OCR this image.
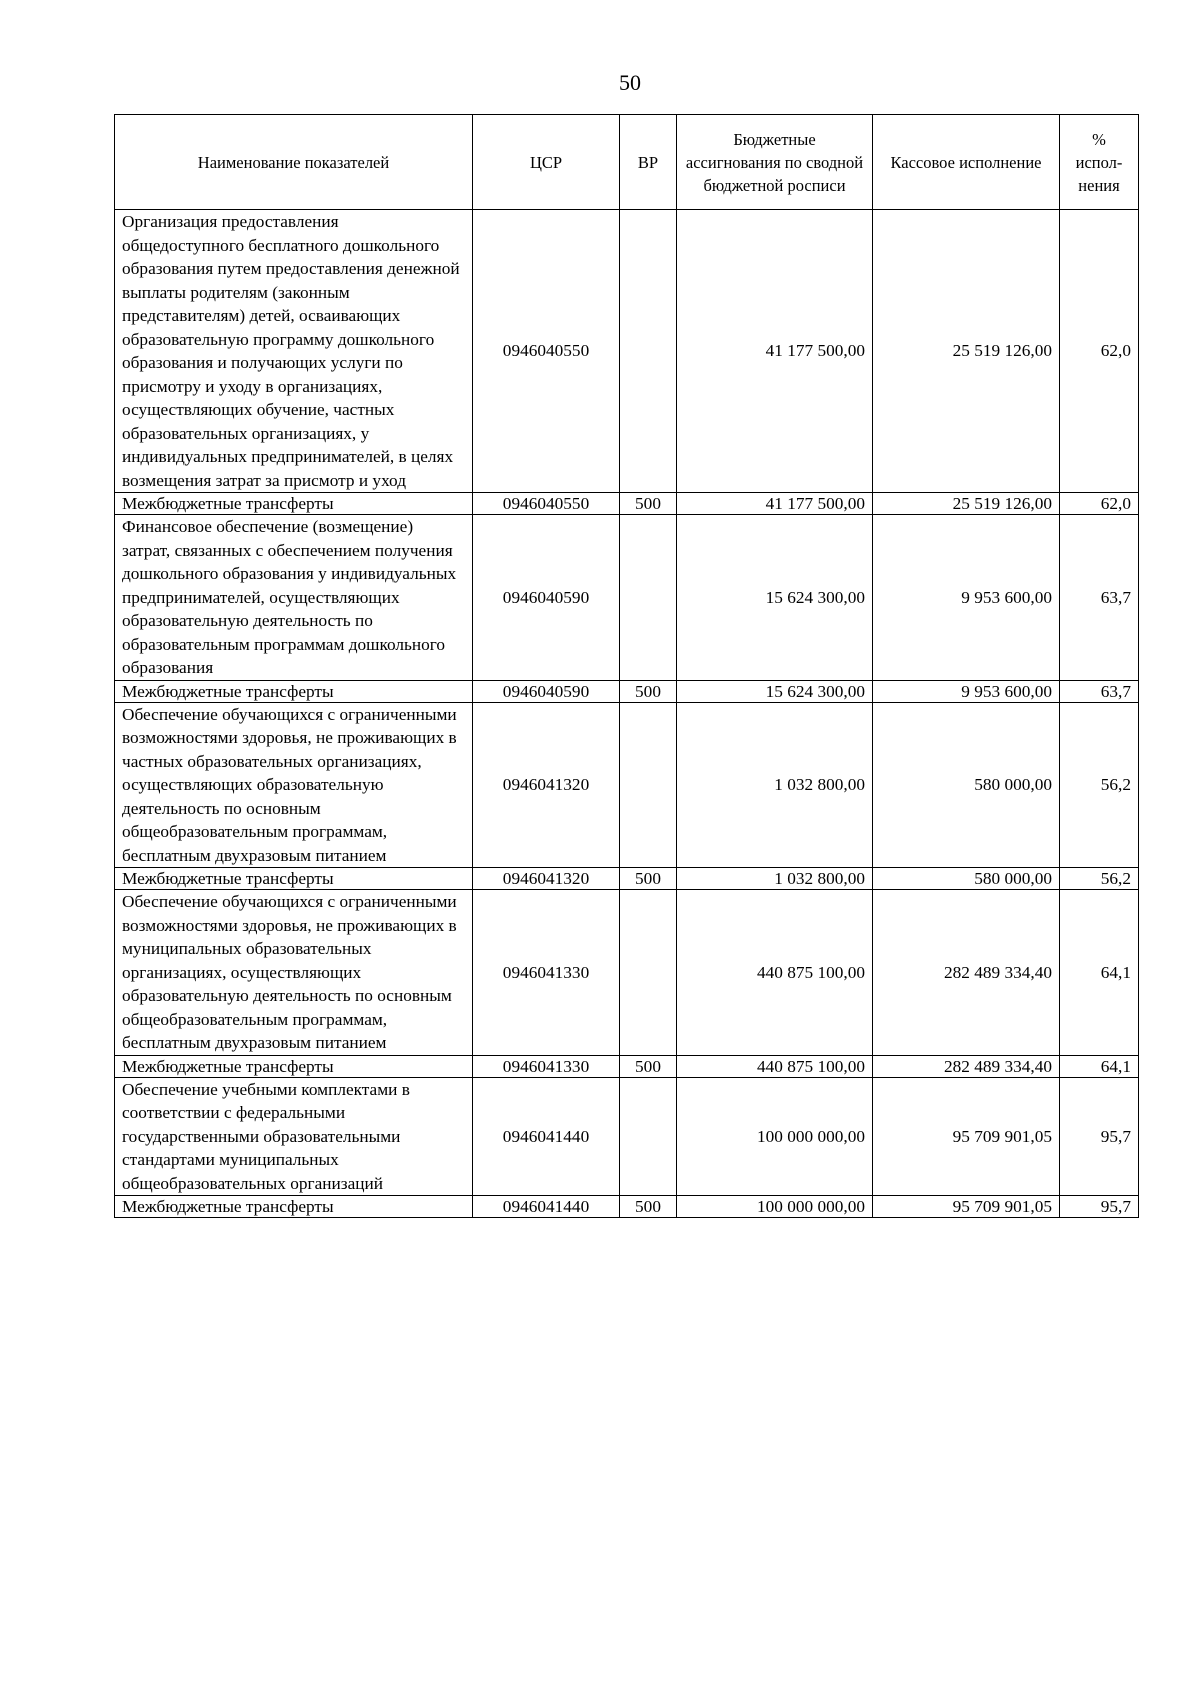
50
Наименование показателей	ЦСР	ВР	Бюджетные ассигнования по сводной бюджетной росписи	Кассовое исполнение	% испол-нения
Организация предоставления общедоступного бесплатного дошкольного образования путем предоставления денежной выплаты родителям (законным представителям) детей, осваивающих образовательную программу дошкольного образования и получающих услуги по присмотру и уходу в организациях, осуществляющих обучение, частных образовательных организациях, у индивидуальных предпринимателей, в целях возмещения затрат за присмотр и уход	0946040550		41 177 500,00	25 519 126,00	62,0
Межбюджетные трансферты	0946040550	500	41 177 500,00	25 519 126,00	62,0
Финансовое обеспечение (возмещение) затрат, связанных с обеспечением получения дошкольного образования у индивидуальных предпринимателей, осуществляющих образовательную деятельность по образовательным программам дошкольного образования	0946040590		15 624 300,00	9 953 600,00	63,7
Межбюджетные трансферты	0946040590	500	15 624 300,00	9 953 600,00	63,7
Обеспечение обучающихся с ограниченными возможностями здоровья, не проживающих в частных образовательных организациях, осуществляющих образовательную деятельность по основным общеобразовательным программам, бесплатным двухразовым питанием	0946041320		1 032 800,00	580 000,00	56,2
Межбюджетные трансферты	0946041320	500	1 032 800,00	580 000,00	56,2
Обеспечение обучающихся с ограниченными возможностями здоровья, не проживающих в муниципальных образовательных организациях, осуществляющих образовательную деятельность по основным общеобразовательным программам, бесплатным двухразовым питанием	0946041330		440 875 100,00	282 489 334,40	64,1
Межбюджетные трансферты	0946041330	500	440 875 100,00	282 489 334,40	64,1
Обеспечение учебными комплектами в соответствии с федеральными государственными образовательными стандартами муниципальных общеобразовательных организаций	0946041440		100 000 000,00	95 709 901,05	95,7
Межбюджетные трансферты	0946041440	500	100 000 000,00	95 709 901,05	95,7
